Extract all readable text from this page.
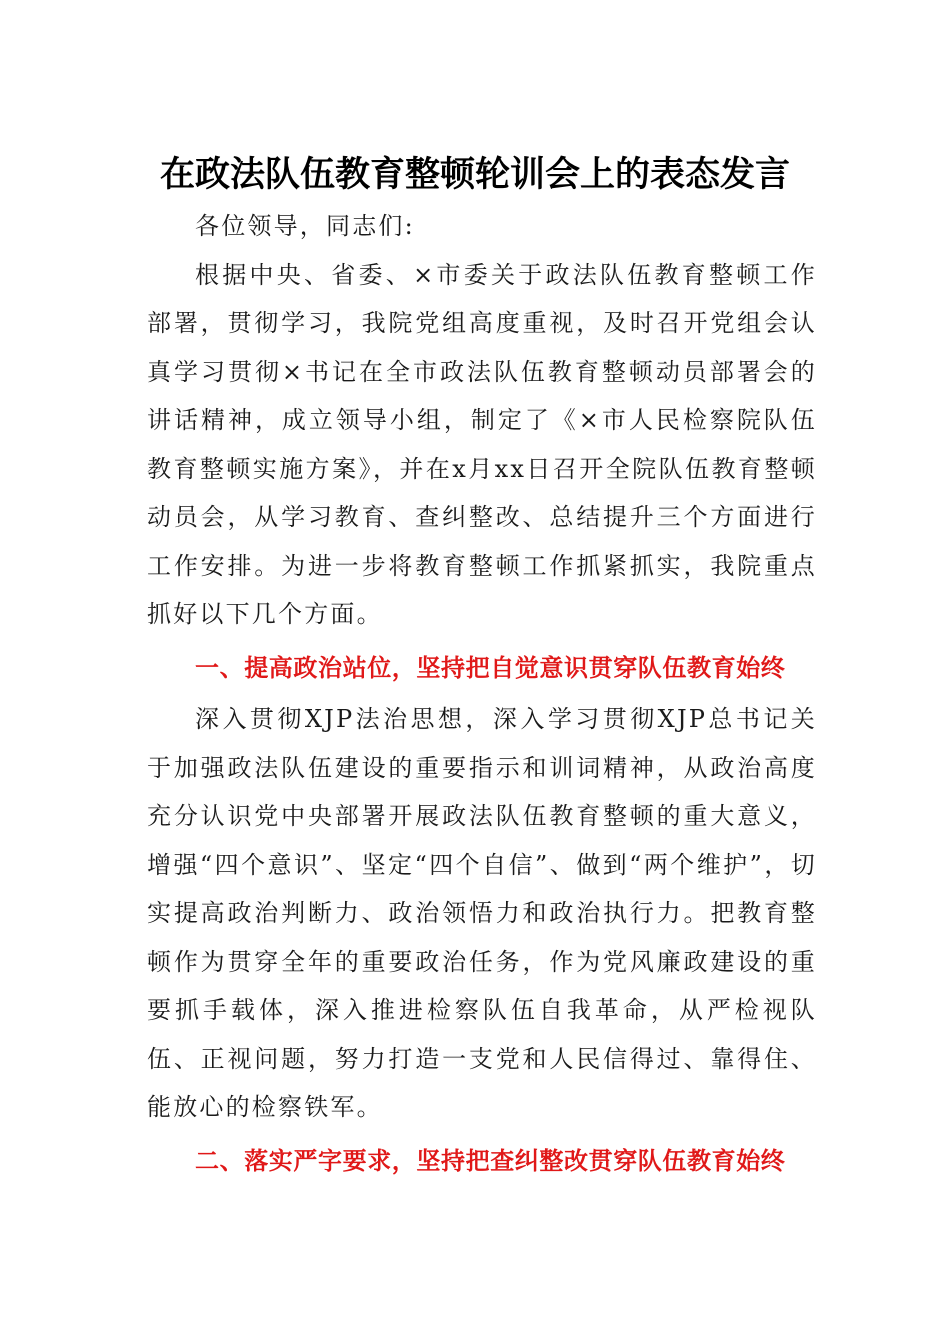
在政法队伍教育整顿轮训会上的表态发言

各位领导，同志们:

根据中央、省委、×市委关于政法队伍教育整顿工作部署，贯彻学习，我院党组高度重视，及时召开党组会认真学习贯彻×书记在全市政法队伍教育整顿动员部署会的讲话精神，成立领导小组，制定了《×市人民检察院队伍教育整顿实施方案》，并在x月xx日召开全院队伍教育整顿动员会，从学习教育、查纠整改、总结提升三个方面进行工作安排。为进一步将教育整顿工作抓紧抓实，我院重点抓好以下几个方面。

一、提高政治站位，坚持把自觉意识贯穿队伍教育始终

深入贯彻XJP法治思想，深入学习贯彻XJP总书记关于加强政法队伍建设的重要指示和训词精神，从政治高度充分认识党中央部署开展政法队伍教育整顿的重大意义，增强“四个意识”、坚定“四个自信”、做到“两个维护”，切实提高政治判断力、政治领悟力和政治执行力。把教育整顿作为贯穿全年的重要政治任务，作为党风廉政建设的重要抓手载体，深入推进检察队伍自我革命，从严检视队伍、正视问题，努力打造一支党和人民信得过、靠得住、能放心的检察铁军。

二、落实严字要求，坚持把查纠整改贯穿队伍教育始终
